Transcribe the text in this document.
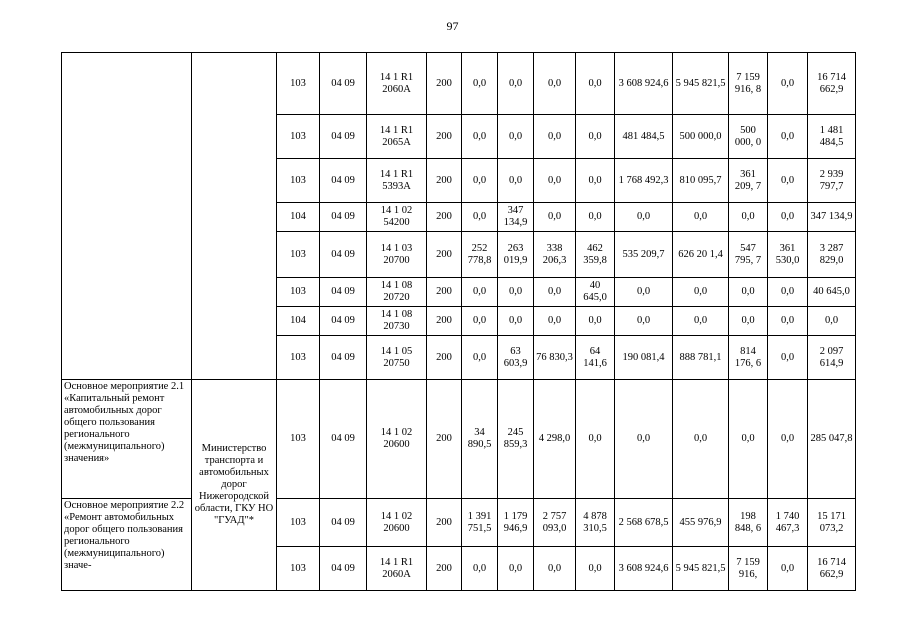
97
		103	04 09	14 1 R1 2060А	200	0,0	0,0	0,0	0,0	3 608 924,6	5 945 821,5	7 159 916, 8	0,0	16 714 662,9
		103	04 09	14 1 R1 2065А	200	0,0	0,0	0,0	0,0	481 484,5	500 000,0	500 000, 0	0,0	1 481 484,5
		103	04 09	14 1 R1 5393А	200	0,0	0,0	0,0	0,0	1 768 492,3	810 095,7	361 209, 7	0,0	2 939 797,7
		104	04 09	14 1 02 54200	200	0,0	347 134,9	0,0	0,0	0,0	0,0	0,0	0,0	347 134,9
		103	04 09	14 1 03 20700	200	252 778,8	263 019,9	338 206,3	462 359,8	535 209,7	626 20 1,4	547 795, 7	361 530,0	3 287 829,0
		103	04 09	14 1 08 20720	200	0,0	0,0	0,0	40 645,0	0,0	0,0	0,0	0,0	40 645,0
		104	04 09	14 1 08 20730	200	0,0	0,0	0,0	0,0	0,0	0,0	0,0	0,0	0,0
		103	04 09	14 1 05 20750	200	0,0	63 603,9	76 830,3	64 141,6	190 081,4	888 781,1	814 176, 6	0,0	2 097 614,9
Основное мероприятие 2.1 «Капитальный ремонт автомобильных дорог общего пользования регионального (межмуниципального) значения»	Министерство транспорта и автомобильных дорог Нижегородской области, ГКУ НО "ГУАД"*	103	04 09	14 1 02 20600	200	34 890,5	245 859,3	4 298,0	0,0	0,0	0,0	0,0	0,0	285 047,8
Основное мероприятие 2.2 «Ремонт автомобильных дорог общего пользования регионального (межмуниципального) значе-		103	04 09	14 1 02 20600	200	1 391 751,5	1 179 946,9	2 757 093,0	4 878 310,5	2 568 678,5	455 976,9	198 848, 6	1 740 467,3	15 171 073,2
		103	04 09	14 1 R1 2060А	200	0,0	0,0	0,0	0,0	3 608 924,6	5 945 821,5	7 159 916,	0,0	16 714 662,9
